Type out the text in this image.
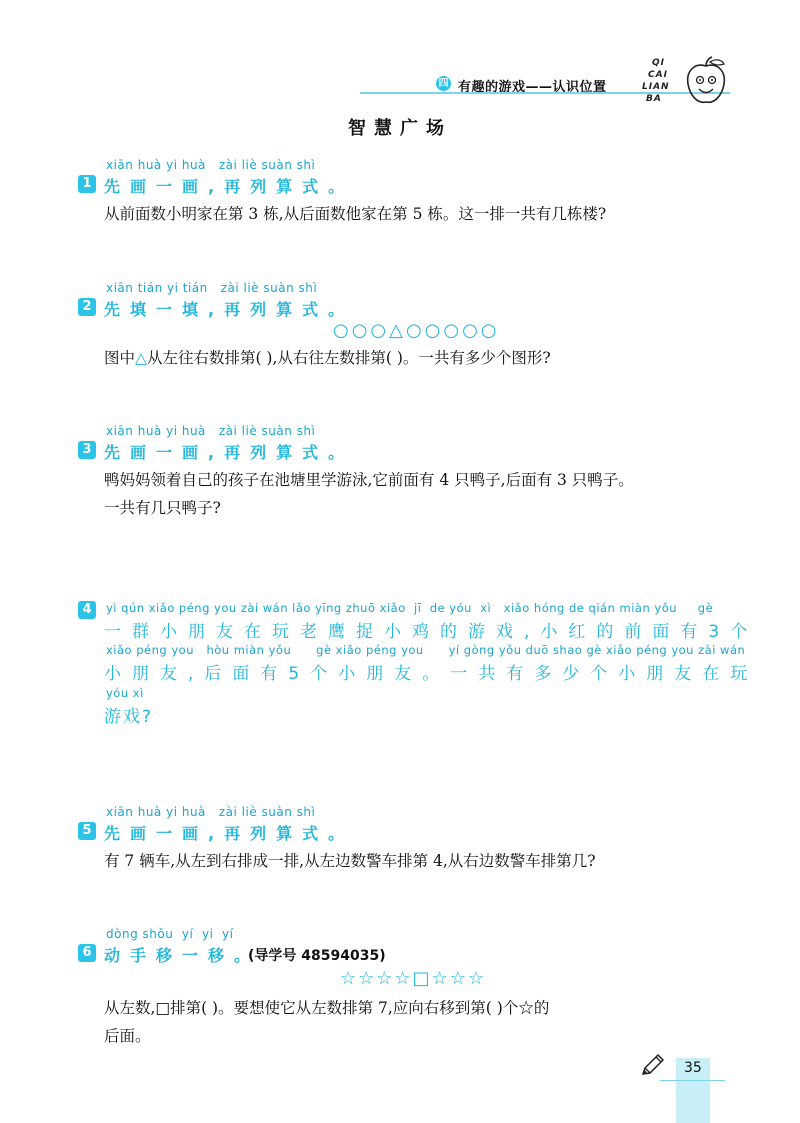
四 有趣的游戏——认识位置
QI
CAI
LIAN
BA
智慧广场
xiān huà yi huà   zài liè suàn shì
1 先画一画,再列算式。
从前面数小明家在第 3 栋,从后面数他家在第 5 栋。这一排一共有几栋楼?
xiān tián yi tián   zài liè suàn shì
2 先填一填,再列算式。
○○○△○○○○○
图中△从左往右数排第( ),从右往左数排第( )。一共有多少个图形?
xiān huà yi huà   zài liè suàn shì
3 先画一画,再列算式。
鸭妈妈领着自己的孩子在池塘里学游泳,它前面有 4 只鸭子,后面有 3 只鸭子。
一共有几只鸭子?
4	yì qún xiǎo péng you zài wán lǎo yīng zhuō xiǎo  jī  de yóu  xì   xiǎo hóng de qián miàn yǒu     gè
一群小朋友在玩老鹰捉小鸡的游戏,小红的前面有3个
xiǎo péng you   hòu miàn yǒu      gè xiǎo péng you      yí gòng yǒu duō shao gè xiǎo péng you zài wán
小朋友,后面有5个小朋友。一共有多少个小朋友在玩
yóu xì
游戏?
xiān huà yi huà   zài liè suàn shì
5 先画一画,再列算式。
有 7 辆车,从左到右排成一排,从左边数警车排第 4,从右边数警车排第几?
dòng shǒu  yí  yi  yí
6 动手移一移。
(导学号 48594035)
☆☆☆☆□☆☆☆
从左数,□排第( )。要想使它从左数排第 7,应向右移到第( )个☆的
后面。
35
